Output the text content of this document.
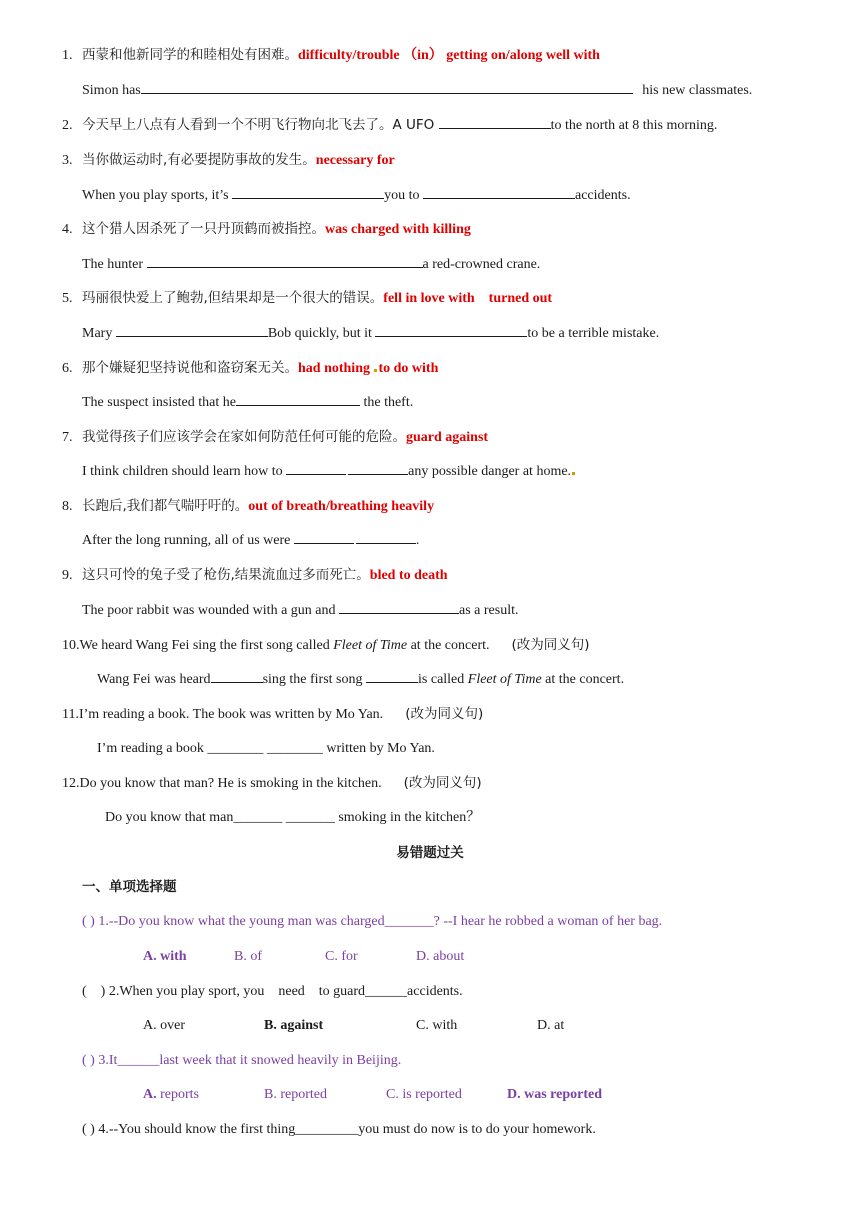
1. 西蒙和他新同学的和睦相处有困难。difficulty/trouble （in） getting on/along well with
Simon has	his new classmates.
2. 今天早上八点有人看到一个不明飞行物向北飞去了。A UFO	to the north at 8 this morning.
3. 当你做运动时,有必要提防事故的发生。necessary for
When you play sports, it’s	you to	accidents.
4. 这个猎人因杀死了一只丹顶鹤而被指控。was charged with killing
The hunter	a red-crowned crane.
5. 玛丽很快爱上了鲍勃,但结果却是一个很大的错误。fell in love with    turned out
Mary	Bob quickly, but it	to be a terrible mistake.
6. 那个嫌疑犯坚持说他和盗窃案无关。had nothing to do with
The suspect insisted that he	the theft.
7. 我觉得孩子们应该学会在家如何防范任何可能的危险。guard against
I think children should learn how to	any possible danger at home.
8. 长跑后,我们都气喘吁吁的。out of breath/breathing heavily
After the long running, all of us were	.
9. 这只可怜的兔子受了枪伤,结果流血过多而死亡。bled to death
The poor rabbit was wounded with a gun and	as a result.
10.We heard Wang Fei sing the first song called Fleet of Time at the concert. (改为同义句)
Wang Fei was heard	sing the first song	is called Fleet of Time at the concert.
11.I’m reading a book. The book was written by Mo Yan. (改为同义句)
I’m reading a book ________ ________ written by Mo Yan.
12.Do you know that man? He is smoking in the kitchen. (改为同义句)
Do you know that man_______ _______ smoking in the kitchen？
易错题过关
一、单项选择题
( ) 1.--Do you know what the young man was charged_______? --I hear he robbed a woman of her bag.
A. with	B. of	C. for	D. about
(    ) 2.When you play sport, you    need    to guard______accidents.
A. over	B. against	C. with	D. at
( ) 3.It______last week that it snowed heavily in Beijing.
A. reports	B. reported	C. is reported	D. was reported
( ) 4.--You should know the first thing_________you must do now is to do your homework.
